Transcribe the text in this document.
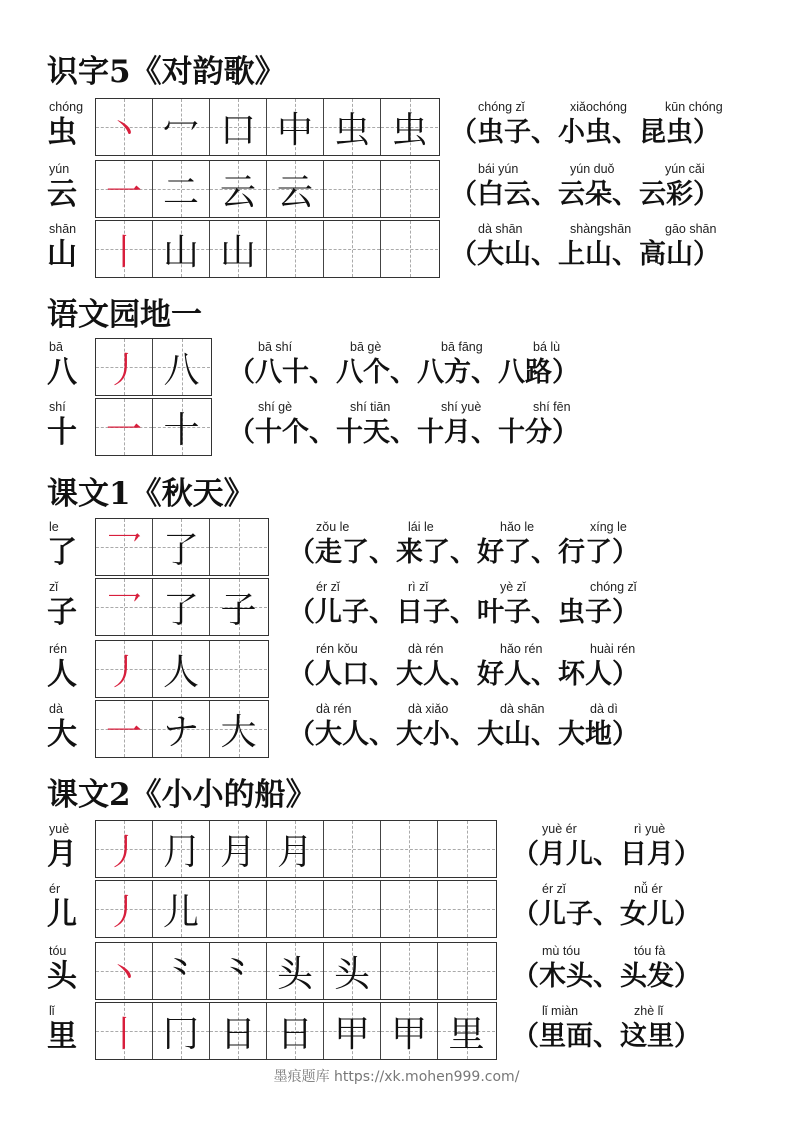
识字5《对韵歌》
chóng
虫 丶 冖 口 中 虫 虫
chóng zǐ	xiǎochóng	kūn chóng
（虫子、小虫、昆虫）
yún
云 一 二 云 云
bái yún	yún duǒ	yún cǎi
（白云、云朵、云彩）
shān
山 丨 山 山
dà shān	shàngshān	gāo shān
（大山、上山、高山）
语文园地一
bā
八 丿 八
bā shí	bā gè	bā fāng	bá lù
（八十、八个、八方、八路）
shí
十 一 十
shí gè	shí tiān	shí yuè	shí fēn
（十个、十天、十月、十分）
课文1《秋天》
le
了 乛 了
zǒu le	lái le	hǎo le	xíng le
（走了、来了、好了、行了）
zǐ
子 乛 了 子
ér zǐ	rì zǐ	yè zǐ	chóng zǐ
（儿子、日子、叶子、虫子）
rén
人 丿 人
rén kǒu	dà rén	hǎo rén	huài rén
（人口、大人、好人、坏人）
dà
大 一 ナ 大
dà rén	dà xiǎo	dà shān	dà dì
（大人、大小、大山、大地）
课文2《小小的船》
yuè
月 丿 ⺆ 月 月
yuè ér	rì yuè
（月儿、日月）
ér
儿 丿 儿
ér zǐ	nǚ ér
（儿子、女儿）
tóu
头 丶 ⺀ ⺀ 头 头
mù tóu	tóu fà
（木头、头发）
lǐ
里 丨 冂 日 日 甲 甲 里
lǐ miàn	zhè lǐ
（里面、这里）
墨痕题库 https://xk.mohen999.com/
